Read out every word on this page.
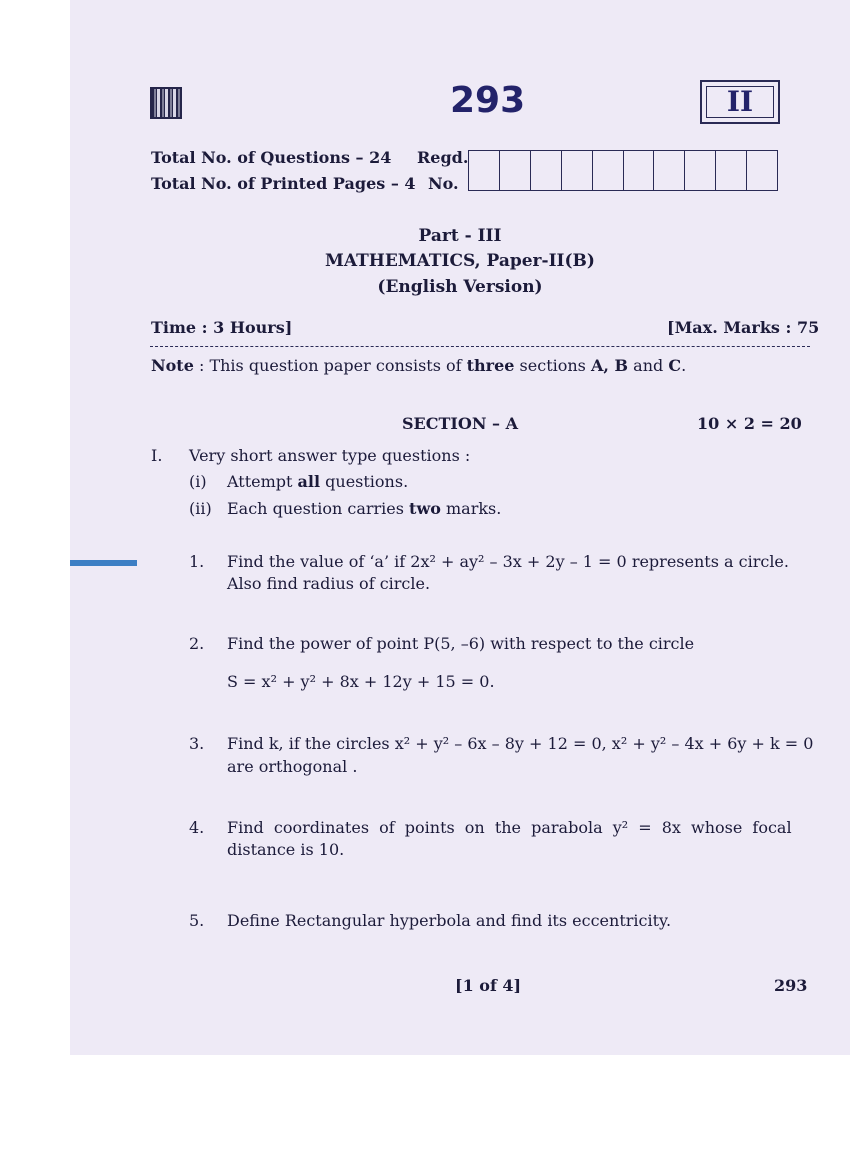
293	II
Total No. of Questions – 24
Total No. of Printed Pages – 4
Regd.
No.
Part - III
MATHEMATICS, Paper-II(B)
(English Version)
Time : 3 Hours]	[Max. Marks : 75
Note : This question paper consists of three sections A, B and C.
SECTION – A	10 × 2 = 20
I. Very short answer type questions :
(i) Attempt all questions.
(ii) Each question carries two marks.
1. Find the value of ‘a’ if 2x² + ay² – 3x + 2y – 1 = 0 represents a circle.
Also find radius of circle.
2. Find the power of point P(5, –6) with respect to the circle
S = x² + y² + 8x + 12y + 15 = 0.
3. Find k, if the circles x² + y² – 6x – 8y + 12 = 0, x² + y² – 4x + 6y + k = 0
are orthogonal .
4. Find coordinates of points on the parabola y² = 8x whose focal
distance is 10.
5. Define Rectangular hyperbola and find its eccentricity.
[1 of 4]	293
